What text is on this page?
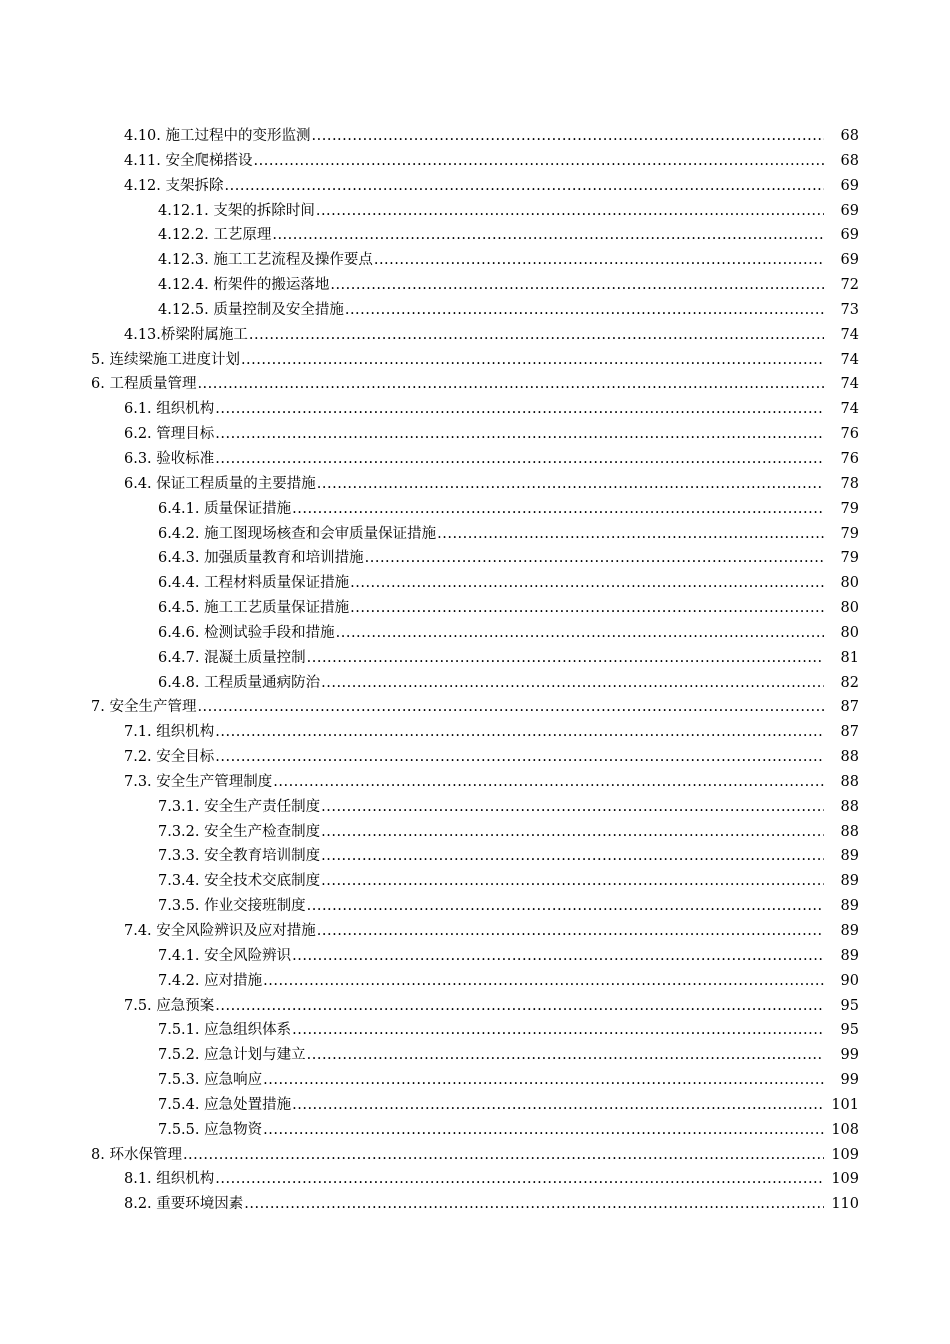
4.10. 施工过程中的变形监测 .....	68
4.11. 安全爬梯搭设 .....	68
4.12. 支架拆除 .....	69
4.12.1. 支架的拆除时间 .....	69
4.12.2. 工艺原理 .....	69
4.12.3. 施工工艺流程及操作要点 .....	69
4.12.4. 桁架件的搬运落地 .....	72
4.12.5. 质量控制及安全措施 .....	73
4.13.桥梁附属施工 .....	74
5. 连续梁施工进度计划 .....	74
6. 工程质量管理 .....	74
6.1. 组织机构 .....	74
6.2. 管理目标 .....	76
6.3. 验收标准 .....	76
6.4. 保证工程质量的主要措施 .....	78
6.4.1. 质量保证措施 .....	79
6.4.2. 施工图现场核查和会审质量保证措施 .....	79
6.4.3. 加强质量教育和培训措施 .....	79
6.4.4. 工程材料质量保证措施 .....	80
6.4.5. 施工工艺质量保证措施 .....	80
6.4.6. 检测试验手段和措施 .....	80
6.4.7. 混凝土质量控制 .....	81
6.4.8. 工程质量通病防治 .....	82
7. 安全生产管理 .....	87
7.1. 组织机构 .....	87
7.2. 安全目标 .....	88
7.3. 安全生产管理制度 .....	88
7.3.1. 安全生产责任制度 .....	88
7.3.2. 安全生产检查制度 .....	88
7.3.3. 安全教育培训制度 .....	89
7.3.4. 安全技术交底制度 .....	89
7.3.5. 作业交接班制度 .....	89
7.4. 安全风险辨识及应对措施 .....	89
7.4.1. 安全风险辨识 .....	89
7.4.2. 应对措施 .....	90
7.5. 应急预案 .....	95
7.5.1. 应急组织体系 .....	95
7.5.2. 应急计划与建立 .....	99
7.5.3. 应急响应 .....	99
7.5.4. 应急处置措施 .....	101
7.5.5. 应急物资 .....	108
8. 环水保管理 .....	109
8.1. 组织机构 .....	109
8.2. 重要环境因素 .....	110
